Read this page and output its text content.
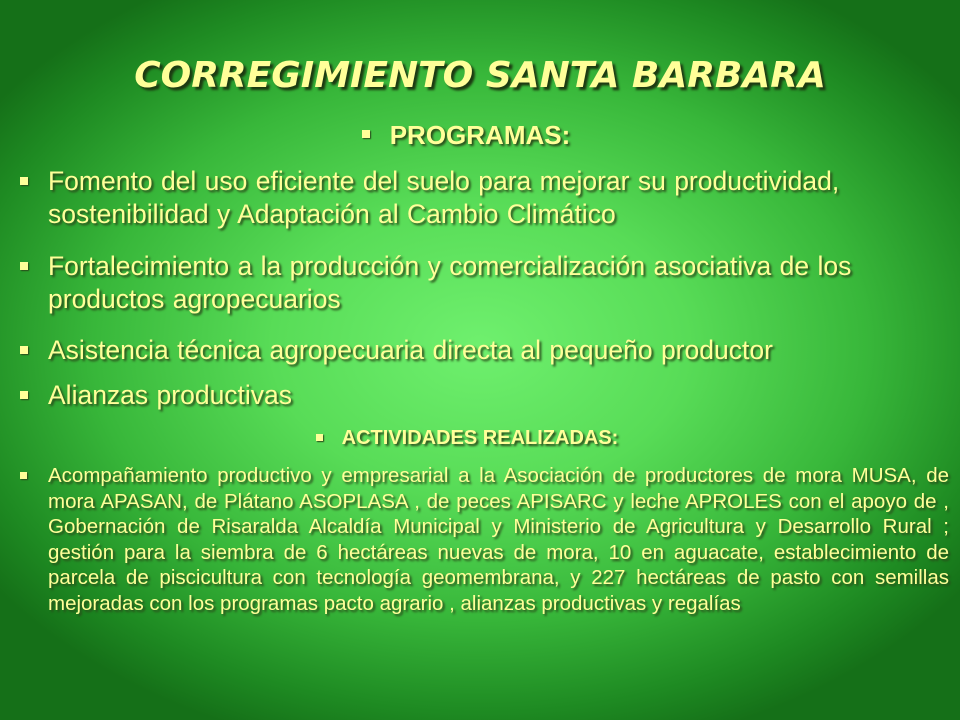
CORREGIMIENTO SANTA BARBARA
PROGRAMAS:
Fomento del uso eficiente del suelo para mejorar su productividad, sostenibilidad y Adaptación al Cambio Climático
Fortalecimiento a la producción y comercialización asociativa de los productos agropecuarios
Asistencia técnica agropecuaria directa al pequeño productor
Alianzas productivas
ACTIVIDADES REALIZADAS:
Acompañamiento productivo y empresarial a la Asociación de productores de mora MUSA, de mora APASAN, de Plátano ASOPLASA , de peces APISARC y leche APROLES con el apoyo de , Gobernación de Risaralda Alcaldía Municipal y Ministerio de Agricultura y Desarrollo Rural ; gestión para la siembra de 6 hectáreas nuevas de mora, 10 en aguacate, establecimiento de parcela de piscicultura con tecnología geomembrana, y 227 hectáreas de pasto con semillas mejoradas con los programas pacto agrario , alianzas productivas y regalías
